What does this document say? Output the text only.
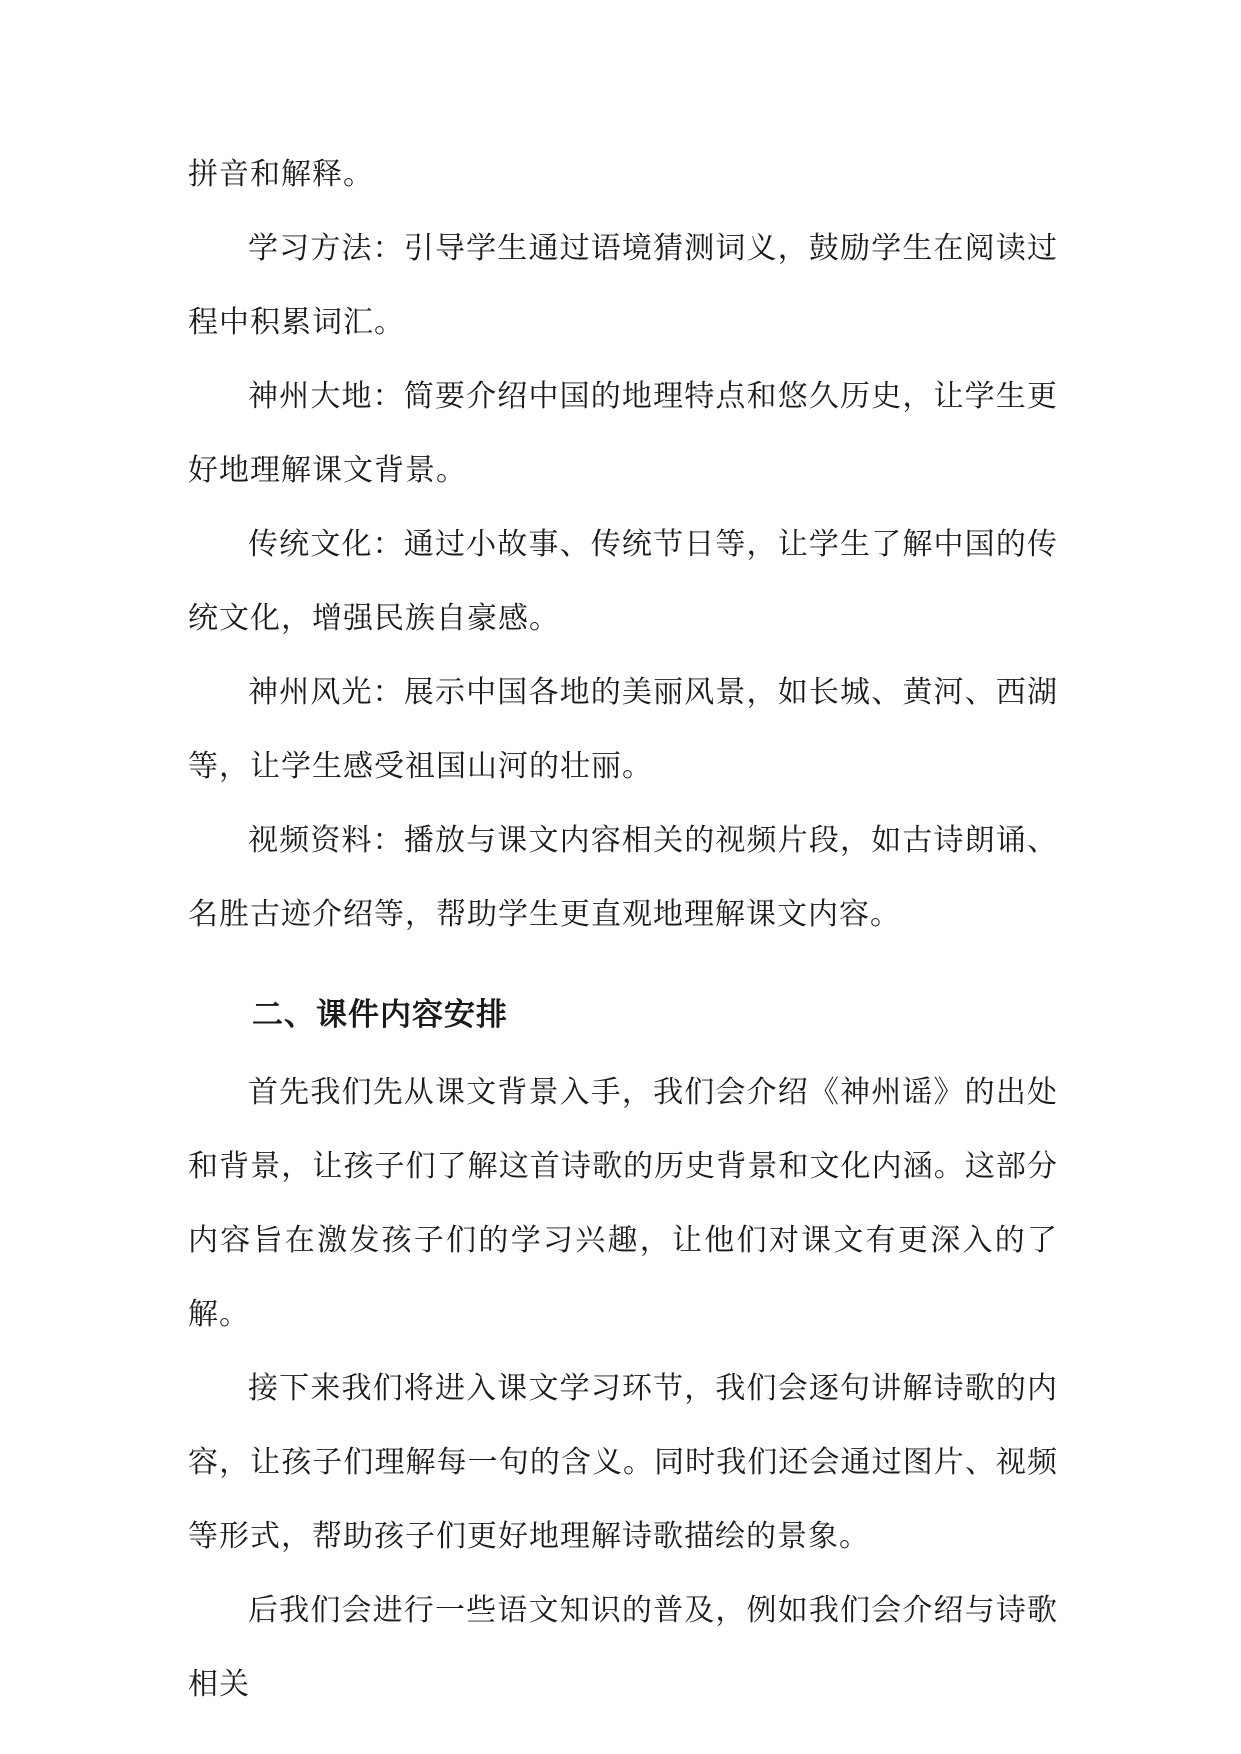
拼音和解释。

学习方法：引导学生通过语境猜测词义，鼓励学生在阅读过程中积累词汇。

神州大地：简要介绍中国的地理特点和悠久历史，让学生更好地理解课文背景。

传统文化：通过小故事、传统节日等，让学生了解中国的传统文化，增强民族自豪感。

神州风光：展示中国各地的美丽风景，如长城、黄河、西湖等，让学生感受祖国山河的壮丽。

视频资料：播放与课文内容相关的视频片段，如古诗朗诵、名胜古迹介绍等，帮助学生更直观地理解课文内容。

二、课件内容安排

首先我们先从课文背景入手，我们会介绍《神州谣》的出处和背景，让孩子们了解这首诗歌的历史背景和文化内涵。这部分内容旨在激发孩子们的学习兴趣，让他们对课文有更深入的了解。

接下来我们将进入课文学习环节，我们会逐句讲解诗歌的内容，让孩子们理解每一句的含义。同时我们还会通过图片、视频等形式，帮助孩子们更好地理解诗歌描绘的景象。

后我们会进行一些语文知识的普及，例如我们会介绍与诗歌相关
